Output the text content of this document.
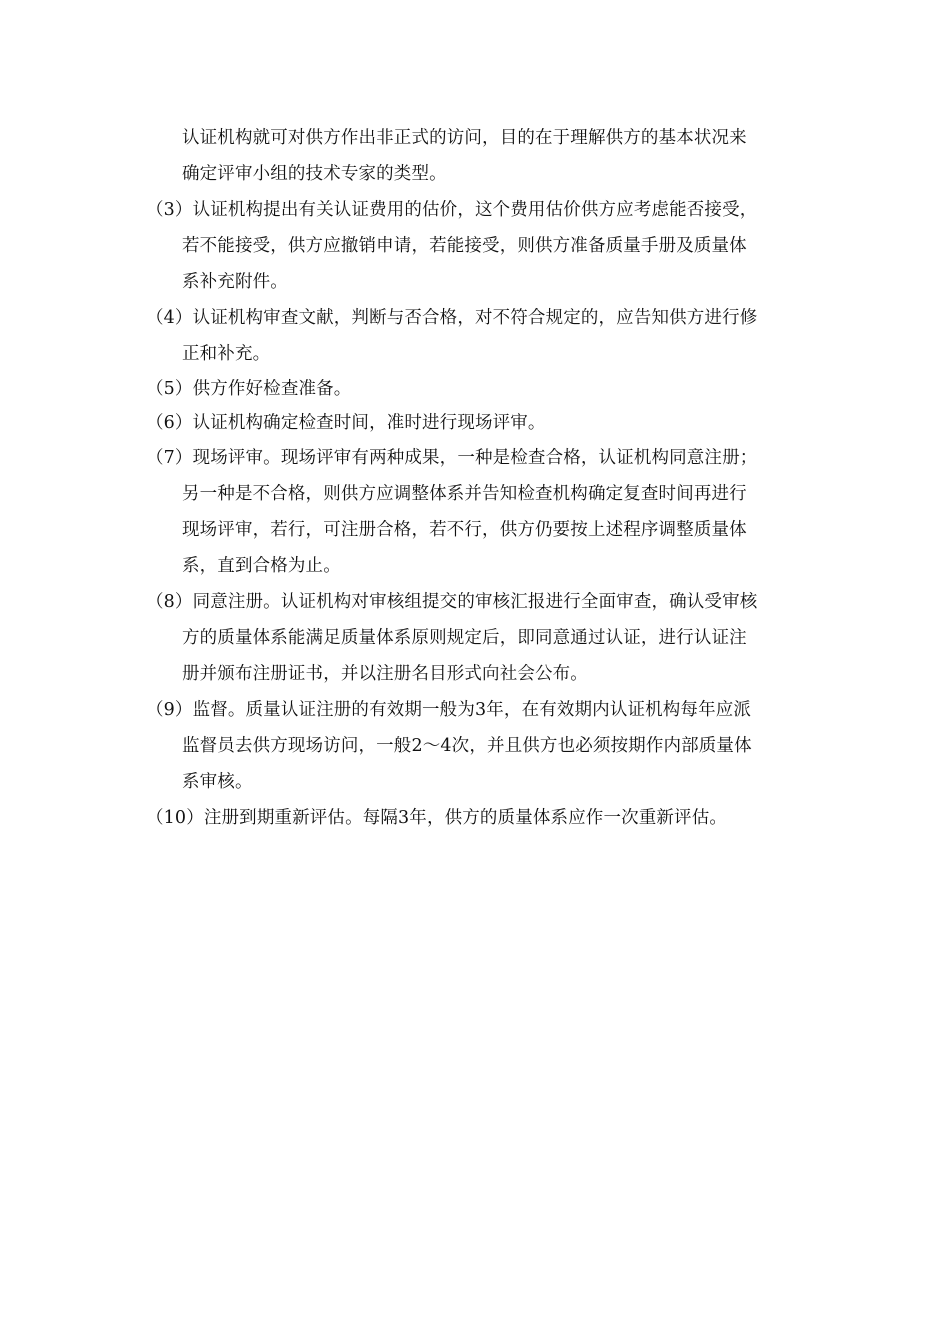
认证机构就可对供方作出非正式的访问，目的在于理解供方的基本状况来
确定评审小组的技术专家的类型。
（3）认证机构提出有关认证费用的估价，这个费用估价供方应考虑能否接受，
若不能接受，供方应撤销申请，若能接受，则供方准备质量手册及质量体
系补充附件。
（4）认证机构审查文献，判断与否合格，对不符合规定的，应告知供方进行修
正和补充。
（5）供方作好检查准备。
（6）认证机构确定检查时间，准时进行现场评审。
（7）现场评审。现场评审有两种成果，一种是检查合格，认证机构同意注册；
另一种是不合格，则供方应调整体系并告知检查机构确定复查时间再进行
现场评审，若行，可注册合格，若不行，供方仍要按上述程序调整质量体
系，直到合格为止。
（8）同意注册。认证机构对审核组提交的审核汇报进行全面审查，确认受审核
方的质量体系能满足质量体系原则规定后，即同意通过认证，进行认证注
册并颁布注册证书，并以注册名目形式向社会公布。
（9）监督。质量认证注册的有效期一般为3年，在有效期内认证机构每年应派
监督员去供方现场访问，一般2～4次，并且供方也必须按期作内部质量体
系审核。
（10）注册到期重新评估。每隔3年，供方的质量体系应作一次重新评估。
